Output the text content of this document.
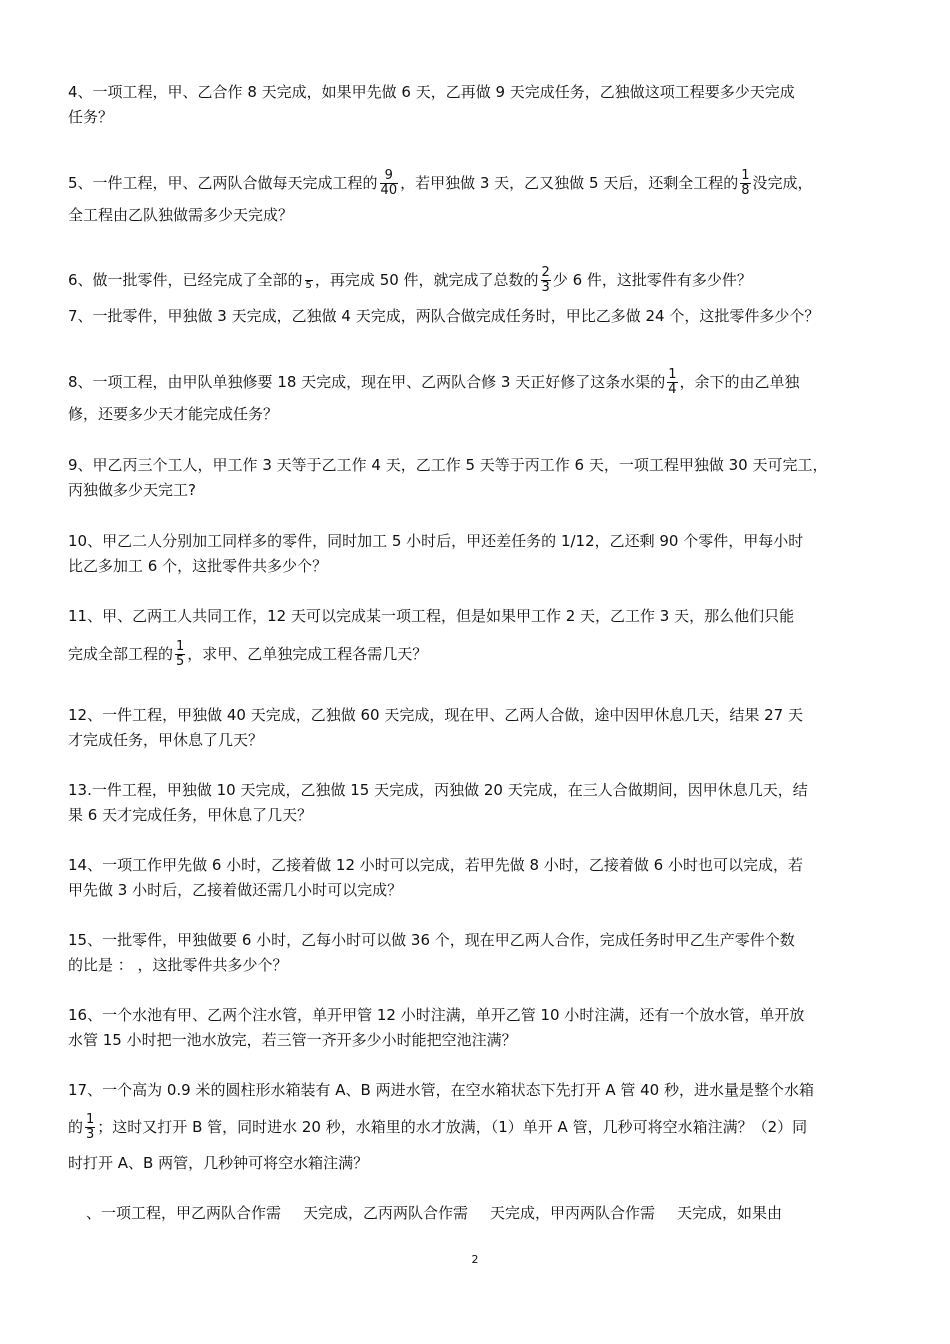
4、一项工程，甲、乙合作 8 天完成，如果甲先做 6 天，乙再做 9 天完成任务，乙独做这项工程要多少天完成
任务？
5、一件工程，甲、乙两队合做每天完成工程的 $\frac{9}{40}$ ，若甲独做 3 天，乙又独做 5 天后，还剩全工程的 $\frac{1}{8}$ 没完成，
全工程由乙队独做需多少天完成？
6、做一批零件，已经完成了全部的 5 ，再完成 50 件，就完成了总数的 $\frac{2}{3}$ 少 6 件，这批零件有多少件？
7、一批零件，甲独做 3 天完成，乙独做 4 天完成，两队合做完成任务时，甲比乙多做 24 个，这批零件多少个？
8、一项工程，由甲队单独修要 18 天完成，现在甲、乙两队合修 3 天正好修了这条水渠的 $\frac{1}{4}$ ，余下的由乙单独
修，还要多少天才能完成任务？
9、甲乙丙三个工人，甲工作 3 天等于乙工作 4 天，乙工作 5 天等于丙工作 6 天，一项工程甲独做 30 天可完工，
丙独做多少天完工?
10、甲乙二人分别加工同样多的零件，同时加工 5 小时后，甲还差任务的 1/12，乙还剩 90 个零件，甲每小时
比乙多加工 6 个，这批零件共多少个？
11、甲、乙两工人共同工作，12 天可以完成某一项工程，但是如果甲工作 2 天，乙工作 3 天，那么他们只能
完成全部工程的 $\frac{1}{5}$ ，求甲、乙单独完成工程各需几天？
12、一件工程，甲独做 40 天完成，乙独做 60 天完成，现在甲、乙两人合做，途中因甲休息几天，结果 27 天
才完成任务，甲休息了几天？
13.一件工程，甲独做 10 天完成，乙独做 15 天完成，丙独做 20 天完成，在三人合做期间，因甲休息几天，结
果 6 天才完成任务，甲休息了几天？
14、一项工作甲先做 6 小时，乙接着做 12 小时可以完成，若甲先做 8 小时，乙接着做 6 小时也可以完成，若
甲先做 3 小时后，乙接着做还需几小时可以完成？
15、一批零件，甲独做要 6 小时，乙每小时可以做 36 个，现在甲乙两人合作，完成任务时甲乙生产零件个数
的比是 ： ，这批零件共多少个？
16、一个水池有甲、乙两个注水管，单开甲管 12 小时注满，单开乙管 10 小时注满，还有一个放水管，单开放
水管 15 小时把一池水放完，若三管一齐开多少小时能把空池注满？
17、一个高为 0.9 米的圆柱形水箱装有 A、B 两进水管，在空水箱状态下先打开 A 管 40 秒，进水量是整个水箱
的 $\frac{1}{3}$ ；这时又打开 B 管，同时进水 20 秒，水箱里的水才放满，（1）单开 A 管，几秒可将空水箱注满？（2）同
时打开 A、B 两管，几秒钟可将空水箱注满？
、一项工程，甲乙两队合作需 天完成，乙丙两队合作需 天完成，甲丙两队合作需 天完成，如果由
2
